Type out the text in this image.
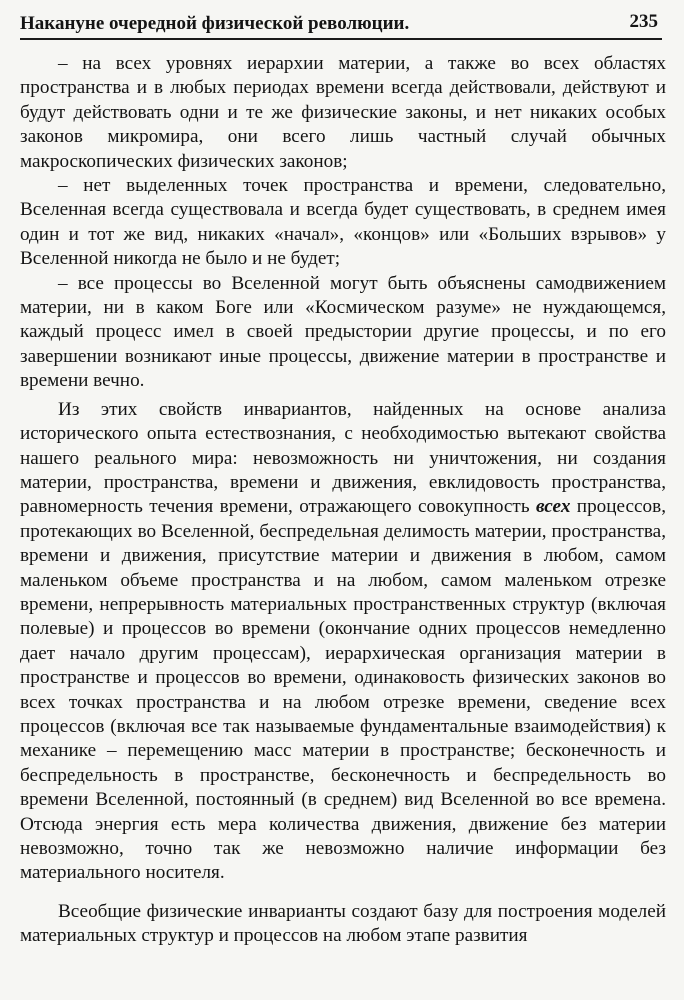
Накануне очередной физической революции.	235

– на всех уровнях иерархии материи, а также во всех областях пространства и в любых периодах времени всегда действовали, действуют и будут действовать одни и те же физические законы, и нет никаких особых законов микромира, они всего лишь частный случай обычных макроскопических физических законов;

– нет выделенных точек пространства и времени, следовательно, Вселенная всегда существовала и всегда будет существовать, в среднем имея один и тот же вид, никаких «начал», «концов» или «Больших взрывов» у Вселенной никогда не было и не будет;

– все процессы во Вселенной могут быть объяснены самодвижением материи, ни в каком Боге или «Космическом разуме» не нуждающемся, каждый процесс имел в своей предыстории другие процессы, и по его завершении возникают иные процессы, движение материи в пространстве и времени вечно.

Из этих свойств инвариантов, найденных на основе анализа исторического опыта естествознания, с необходимостью вытекают свойства нашего реального мира: невозможность ни уничтожения, ни создания материи, пространства, времени и движения, евклидовость пространства, равномерность течения времени, отражающего совокупность всех процессов, протекающих во Вселенной, беспредельная делимость материи, пространства, времени и движения, присутствие материи и движения в любом, самом маленьком объеме пространства и на любом, самом маленьком отрезке времени, непрерывность материальных пространственных структур (включая полевые) и процессов во времени (окончание одних процессов немедленно дает начало другим процессам), иерархическая организация материи в пространстве и процессов во времени, одинаковость физических законов во всех точках пространства и на любом отрезке времени, сведение всех процессов (включая все так называемые фундаментальные взаимодействия) к механике – перемещению масс материи в пространстве; бесконечность и беспредельность в пространстве, бесконечность и беспредельность во времени Вселенной, постоянный (в среднем) вид Вселенной во все времена. Отсюда энергия есть мера количества движения, движение без материи невозможно, точно так же невозможно наличие информации без материального носителя.

Всеобщие физические инварианты создают базу для построения моделей материальных структур и процессов на любом этапе развития
